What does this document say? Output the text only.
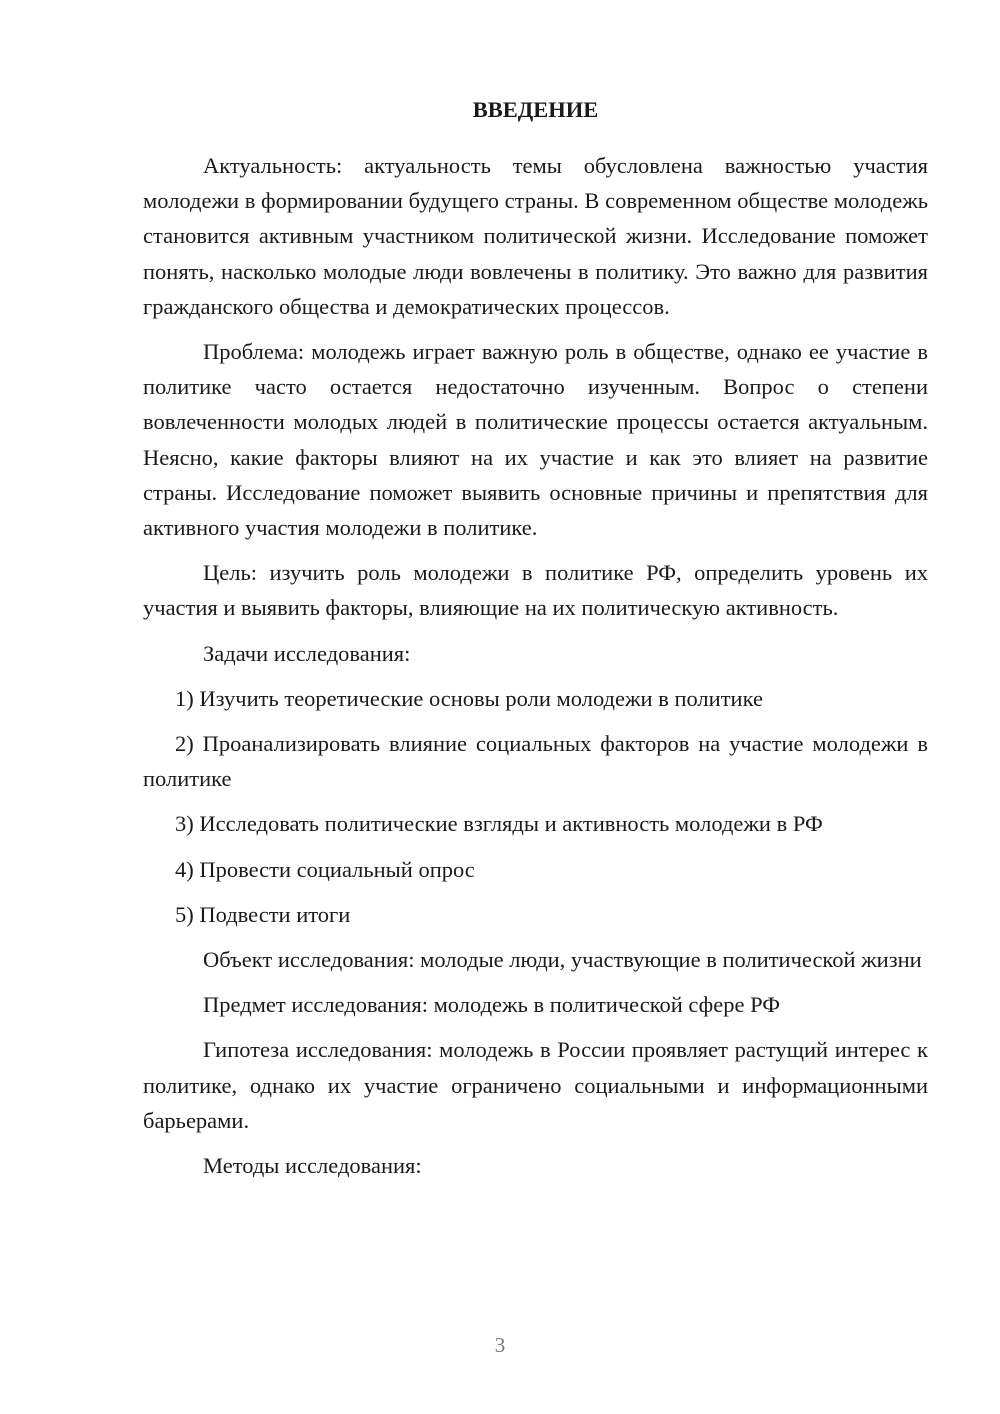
ВВЕДЕНИЕ

Актуальность: актуальность темы обусловлена важностью участия молодежи в формировании будущего страны. В современном обществе молодежь становится активным участником политической жизни. Исследование поможет понять, насколько молодые люди вовлечены в политику. Это важно для развития гражданского общества и демократических процессов.

Проблема: молодежь играет важную роль в обществе, однако ее участие в политике часто остается недостаточно изученным. Вопрос о степени вовлеченности молодых людей в политические процессы остается актуальным. Неясно, какие факторы влияют на их участие и как это влияет на развитие страны. Исследование поможет выявить основные причины и препятствия для активного участия молодежи в политике.

Цель: изучить роль молодежи в политике РФ, определить уровень их участия и выявить факторы, влияющие на их политическую активность.

Задачи исследования:

1) Изучить теоретические основы роли молодежи в политике

2) Проанализировать влияние социальных факторов на участие молодежи в политике

3) Исследовать политические взгляды и активность молодежи в РФ

4) Провести социальный опрос

5) Подвести итоги

Объект исследования: молодые люди, участвующие в политической жизни

Предмет исследования: молодежь в политической сфере РФ

Гипотеза исследования: молодежь в России проявляет растущий интерес к политике, однако их участие ограничено социальными и информационными барьерами.

Методы исследования:

3
